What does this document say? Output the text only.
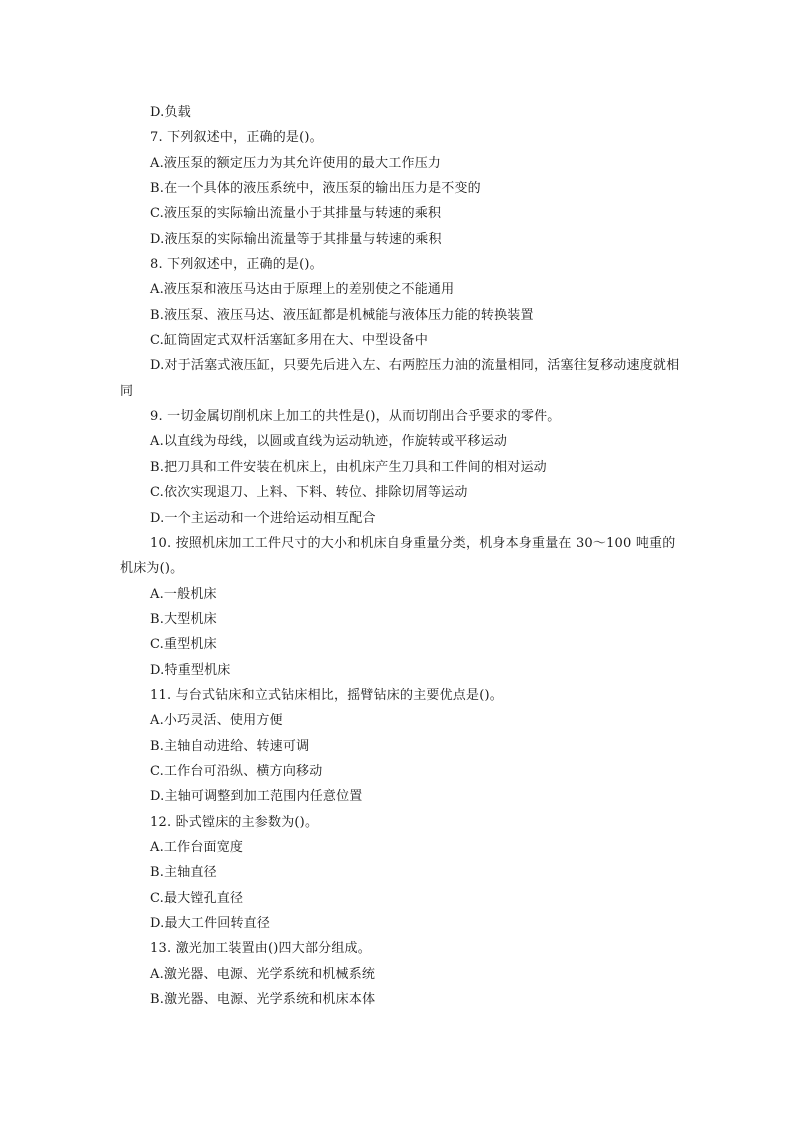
D.负载
7. 下列叙述中，正确的是()。
A.液压泵的额定压力为其允许使用的最大工作压力
B.在一个具体的液压系统中，液压泵的输出压力是不变的
C.液压泵的实际输出流量小于其排量与转速的乘积
D.液压泵的实际输出流量等于其排量与转速的乘积
8. 下列叙述中，正确的是()。
A.液压泵和液压马达由于原理上的差别使之不能通用
B.液压泵、液压马达、液压缸都是机械能与液体压力能的转换装置
C.缸筒固定式双杆活塞缸多用在大、中型设备中
D.对于活塞式液压缸，只要先后进入左、右两腔压力油的流量相同，活塞往复移动速度就相同
9. 一切金属切削机床上加工的共性是()，从而切削出合乎要求的零件。
A.以直线为母线，以圆或直线为运动轨迹，作旋转或平移运动
B.把刀具和工件安装在机床上，由机床产生刀具和工件间的相对运动
C.依次实现退刀、上料、下料、转位、排除切屑等运动
D.一个主运动和一个进给运动相互配合
10. 按照机床加工工件尺寸的大小和机床自身重量分类，机身本身重量在 30～100 吨重的机床为()。
A.一般机床
B.大型机床
C.重型机床
D.特重型机床
11. 与台式钻床和立式钻床相比，摇臂钻床的主要优点是()。
A.小巧灵活、使用方便
B.主轴自动进给、转速可调
C.工作台可沿纵、横方向移动
D.主轴可调整到加工范围内任意位置
12. 卧式镗床的主参数为()。
A.工作台面宽度
B.主轴直径
C.最大镗孔直径
D.最大工件回转直径
13. 激光加工装置由()四大部分组成。
A.激光器、电源、光学系统和机械系统
B.激光器、电源、光学系统和机床本体
